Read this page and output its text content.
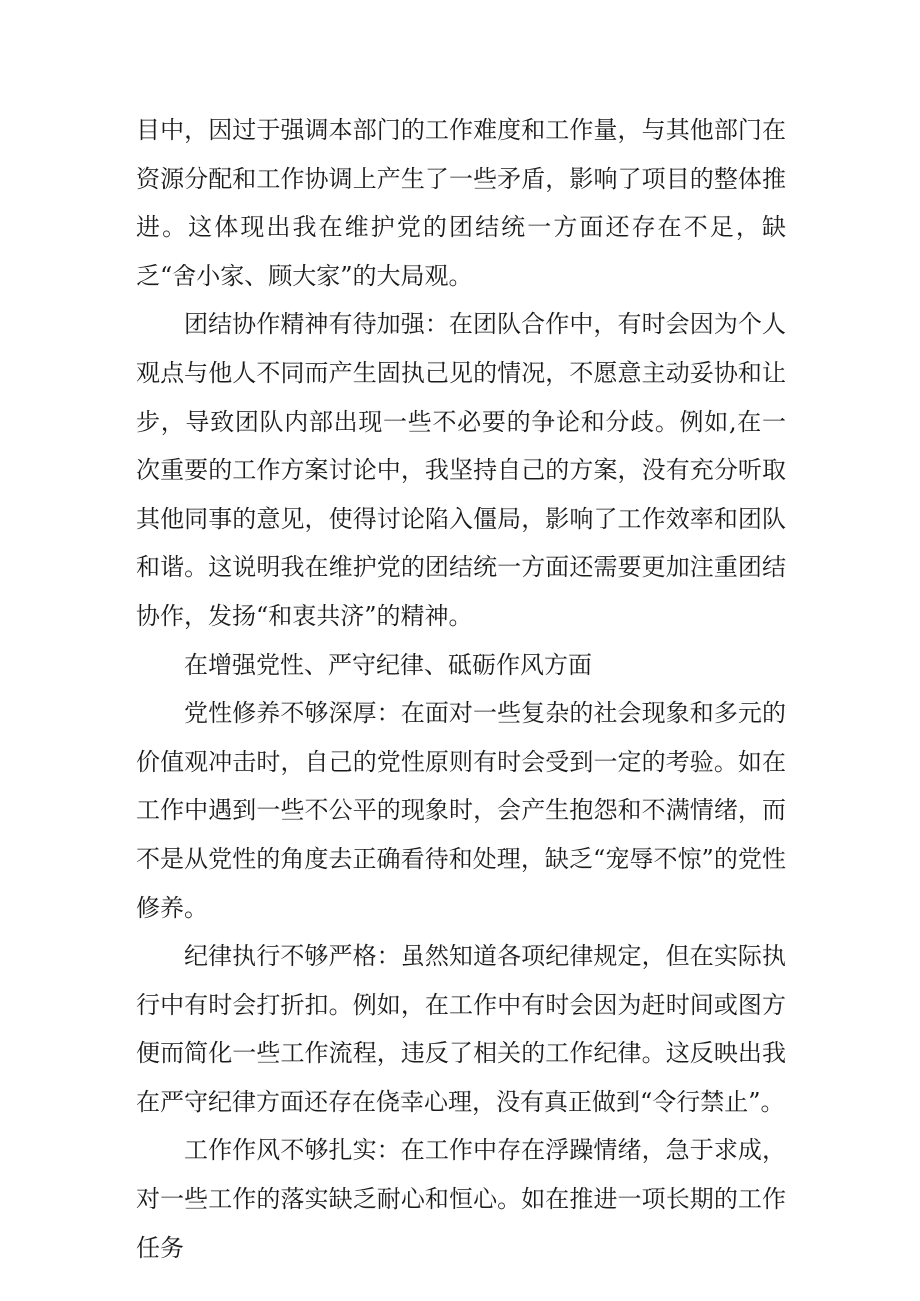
目中，因过于强调本部门的工作难度和工作量，与其他部门在资源分配和工作协调上产生了一些矛盾，影响了项目的整体推进。这体现出我在维护党的团结统一方面还存在不足，缺乏“舍小家、顾大家”的大局观。

团结协作精神有待加强：在团队合作中，有时会因为个人观点与他人不同而产生固执己见的情况，不愿意主动妥协和让步，导致团队内部出现一些不必要的争论和分歧。例如,在一次重要的工作方案讨论中，我坚持自己的方案，没有充分听取其他同事的意见，使得讨论陷入僵局，影响了工作效率和团队和谐。这说明我在维护党的团结统一方面还需要更加注重团结协作，发扬“和衷共济”的精神。

在增强党性、严守纪律、砥砺作风方面

党性修养不够深厚：在面对一些复杂的社会现象和多元的价值观冲击时，自己的党性原则有时会受到一定的考验。如在工作中遇到一些不公平的现象时，会产生抱怨和不满情绪，而不是从党性的角度去正确看待和处理，缺乏“宠辱不惊”的党性修养。

纪律执行不够严格：虽然知道各项纪律规定，但在实际执行中有时会打折扣。例如，在工作中有时会因为赶时间或图方便而简化一些工作流程，违反了相关的工作纪律。这反映出我在严守纪律方面还存在侥幸心理，没有真正做到“令行禁止”。

工作作风不够扎实：在工作中存在浮躁情绪，急于求成，对一些工作的落实缺乏耐心和恒心。如在推进一项长期的工作任务
